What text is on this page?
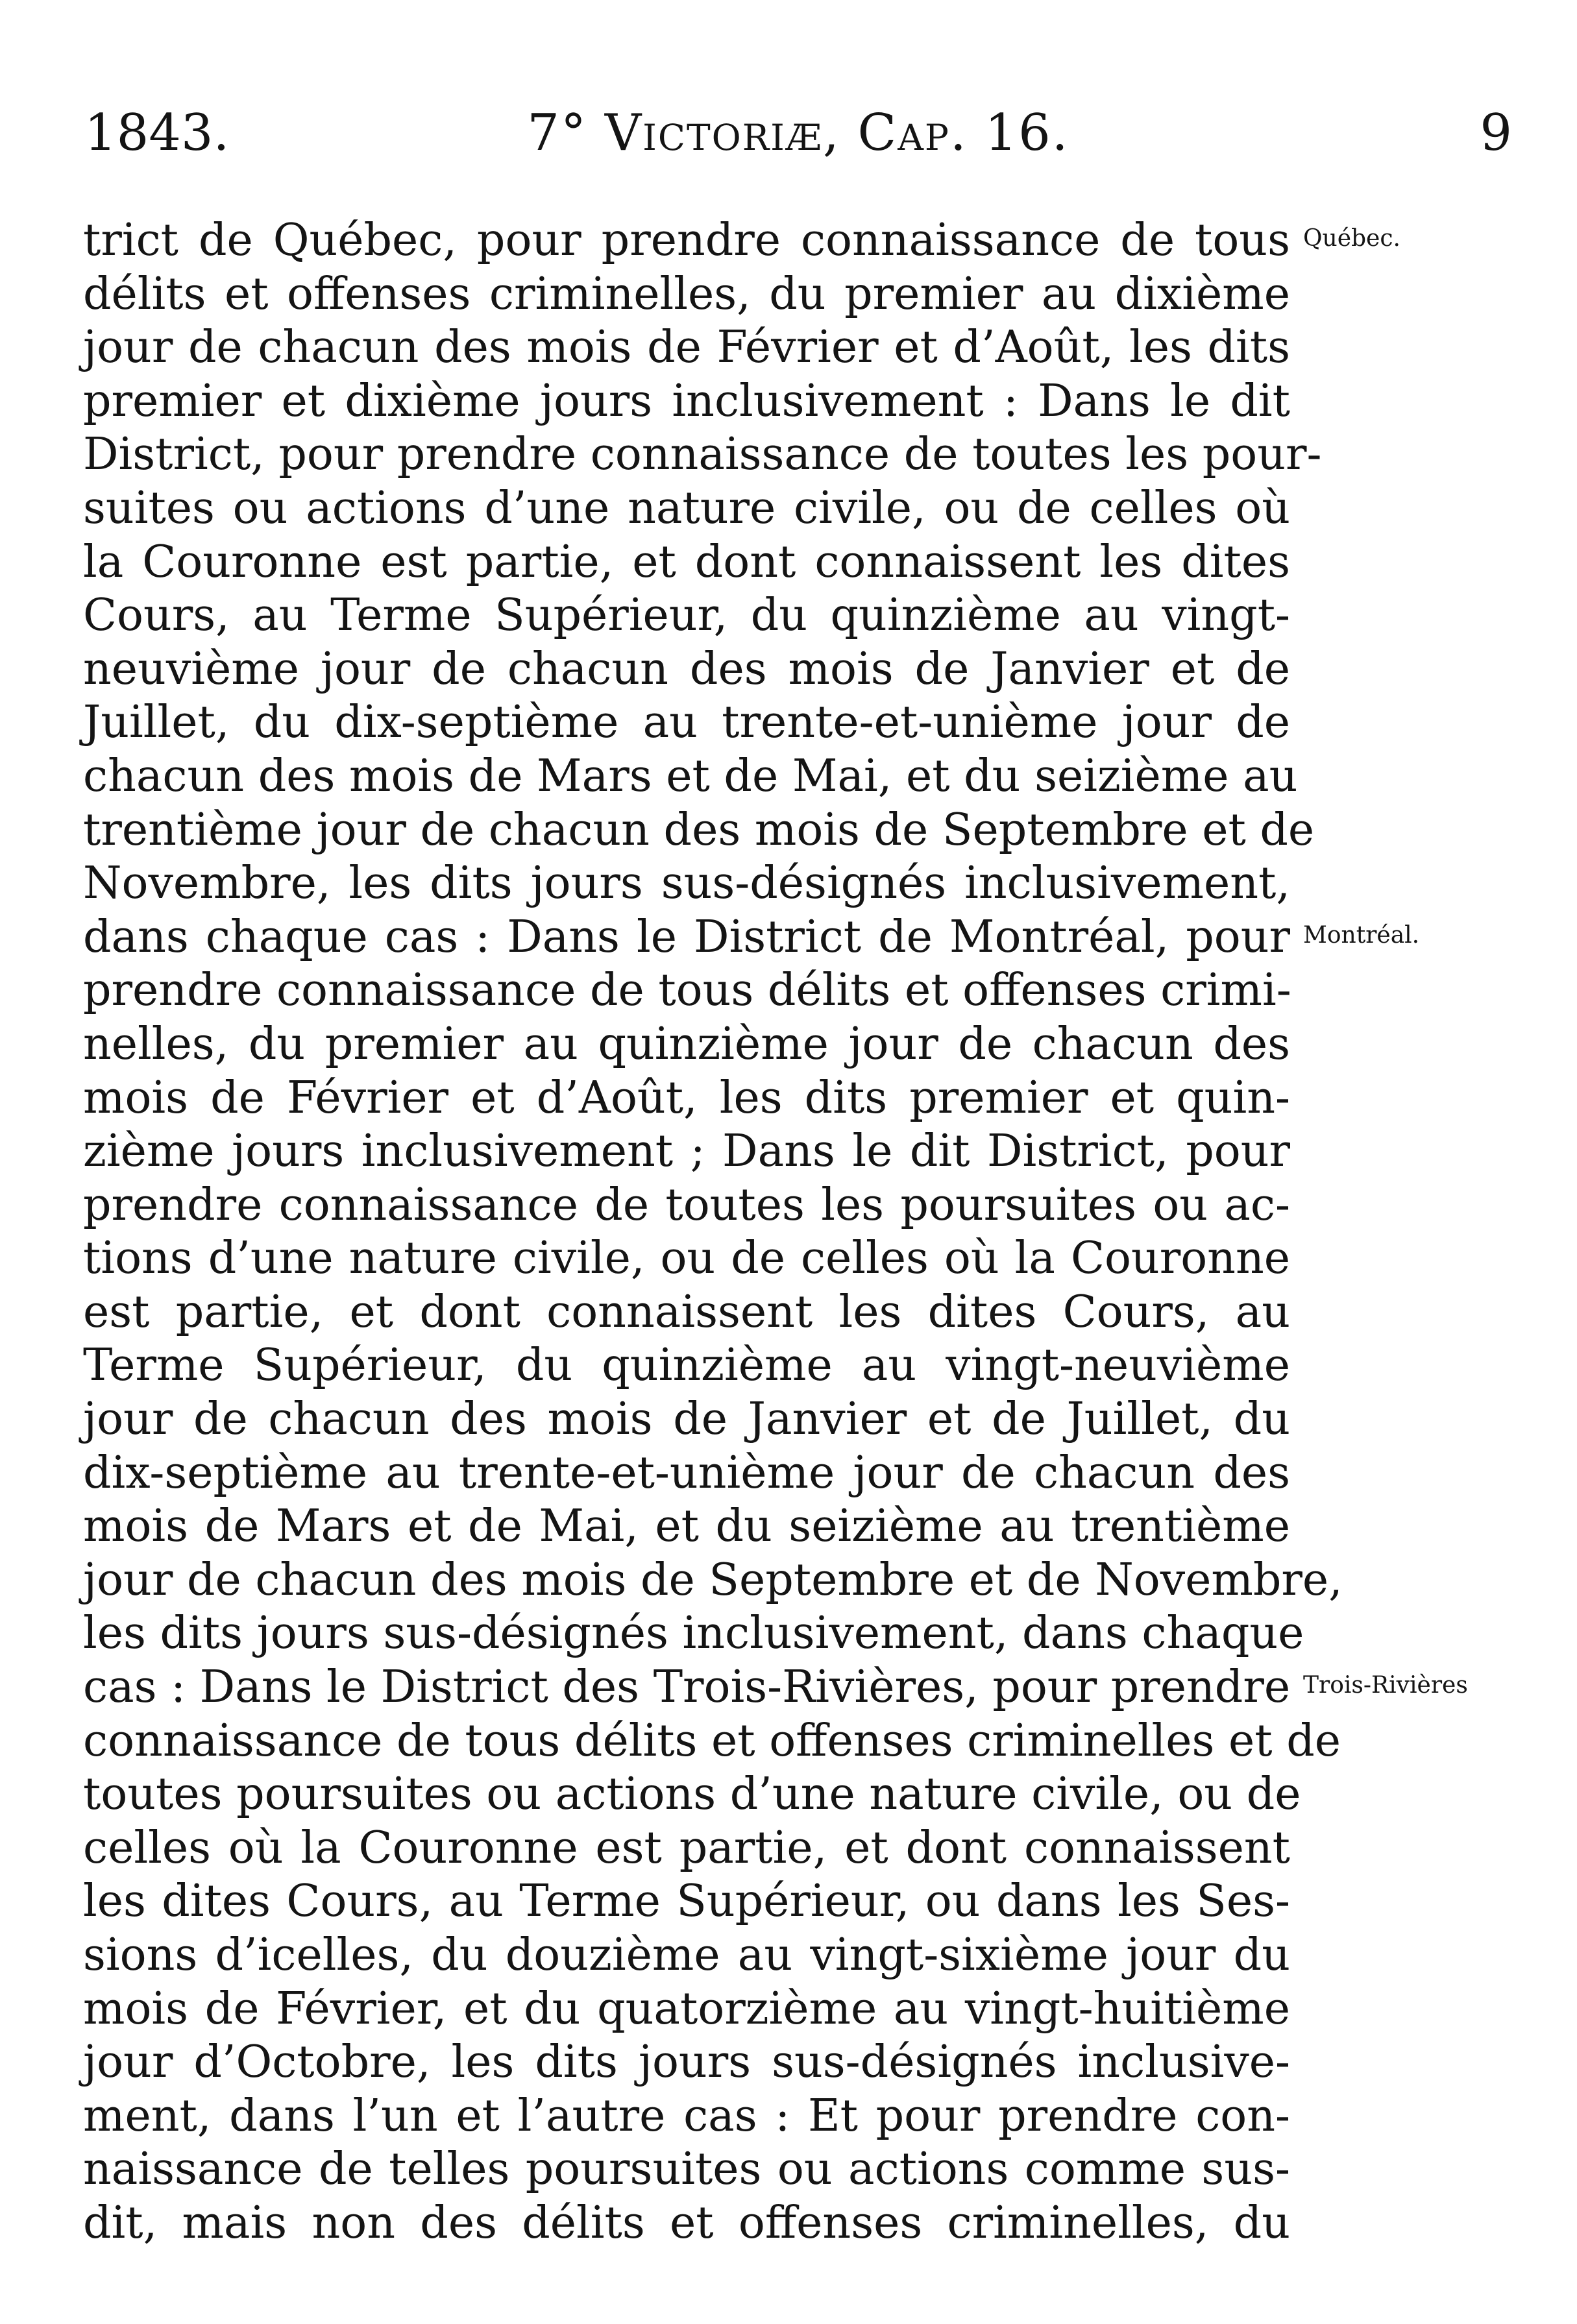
1843.	7° Victoriæ, Cap. 16.	9
trict de Québec, pour prendre connaissance de tous
délits et offenses criminelles, du premier au dixième
jour de chacun des mois de Février et d’Août, les dits
premier et dixième jours inclusivement : Dans le dit
District, pour prendre connaissance de toutes les pour-
suites ou actions d’une nature civile, ou de celles où
la Couronne est partie, et dont connaissent les dites
Cours, au Terme Supérieur, du quinzième au vingt-
neuvième jour de chacun des mois de Janvier et de
Juillet, du dix-septième au trente-et-unième jour de
chacun des mois de Mars et de Mai, et du seizième au
trentième jour de chacun des mois de Septembre et de
Novembre, les dits jours sus-désignés inclusivement,
dans chaque cas : Dans le District de Montréal, pour
prendre connaissance de tous délits et offenses crimi-
nelles, du premier au quinzième jour de chacun des
mois de Février et d’Août, les dits premier et quin-
zième jours inclusivement ; Dans le dit District, pour
prendre connaissance de toutes les poursuites ou ac-
tions d’une nature civile, ou de celles où la Couronne
est partie, et dont connaissent les dites Cours, au
Terme Supérieur, du quinzième au vingt-neuvième
jour de chacun des mois de Janvier et de Juillet, du
dix-septième au trente-et-unième jour de chacun des
mois de Mars et de Mai, et du seizième au trentième
jour de chacun des mois de Septembre et de Novembre,
les dits jours sus-désignés inclusivement, dans chaque
cas : Dans le District des Trois-Rivières, pour prendre
connaissance de tous délits et offenses criminelles et de
toutes poursuites ou actions d’une nature civile, ou de
celles où la Couronne est partie, et dont connaissent
les dites Cours, au Terme Supérieur, ou dans les Ses-
sions d’icelles, du douzième au vingt-sixième jour du
mois de Février, et du quatorzième au vingt-huitième
jour d’Octobre, les dits jours sus-désignés inclusive-
ment, dans l’un et l’autre cas : Et pour prendre con-
naissance de telles poursuites ou actions comme sus-
dit, mais non des délits et offenses criminelles, du
Québec.
Montréal.
Trois-Rivières
